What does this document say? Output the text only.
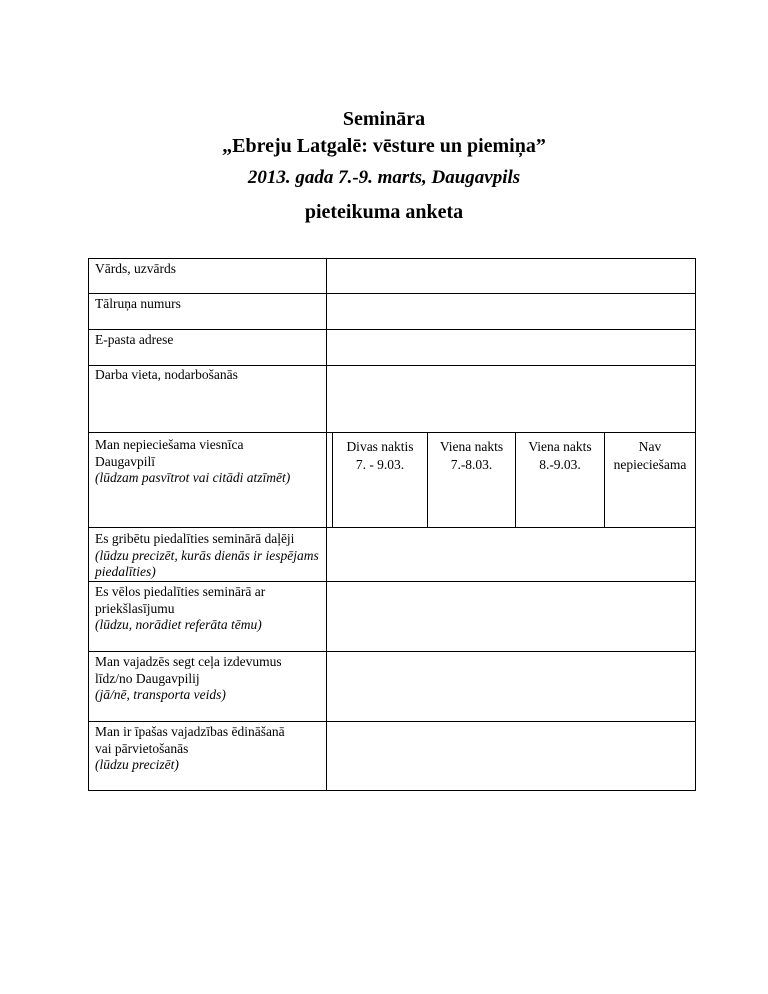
Semināra
„Ebreju Latgalē: vēsture un piemiņa”
2013. gada 7.-9. marts, Daugavpils
pieteikuma anketa
Vārds, uzvārds
Tālruņa numurs
E-pasta adrese
Darba vieta, nodarbošanās
Man nepieciešama viesnīca
Daugavpilī
(lūdzam pasvītrot vai citādi atzīmēt)
Es gribētu piedalīties seminārā daļēji
(lūdzu precizēt, kurās dienās ir iespējams piedalīties)
Es vēlos piedalīties seminārā ar
priekšlasījumu
(lūdzu, norādiet referāta tēmu)
Man vajadzēs segt ceļa izdevumus
līdz/no Daugavpilij
(jā/nē, transporta veids)
Man ir īpašas vajadzības ēdināšanā
vai pārvietošanās
(lūdzu precizēt)
Divas naktis
7. - 9.03.
Viena nakts
7.-8.03.
Viena nakts
8.-9.03.
Nav
nepieciešama
